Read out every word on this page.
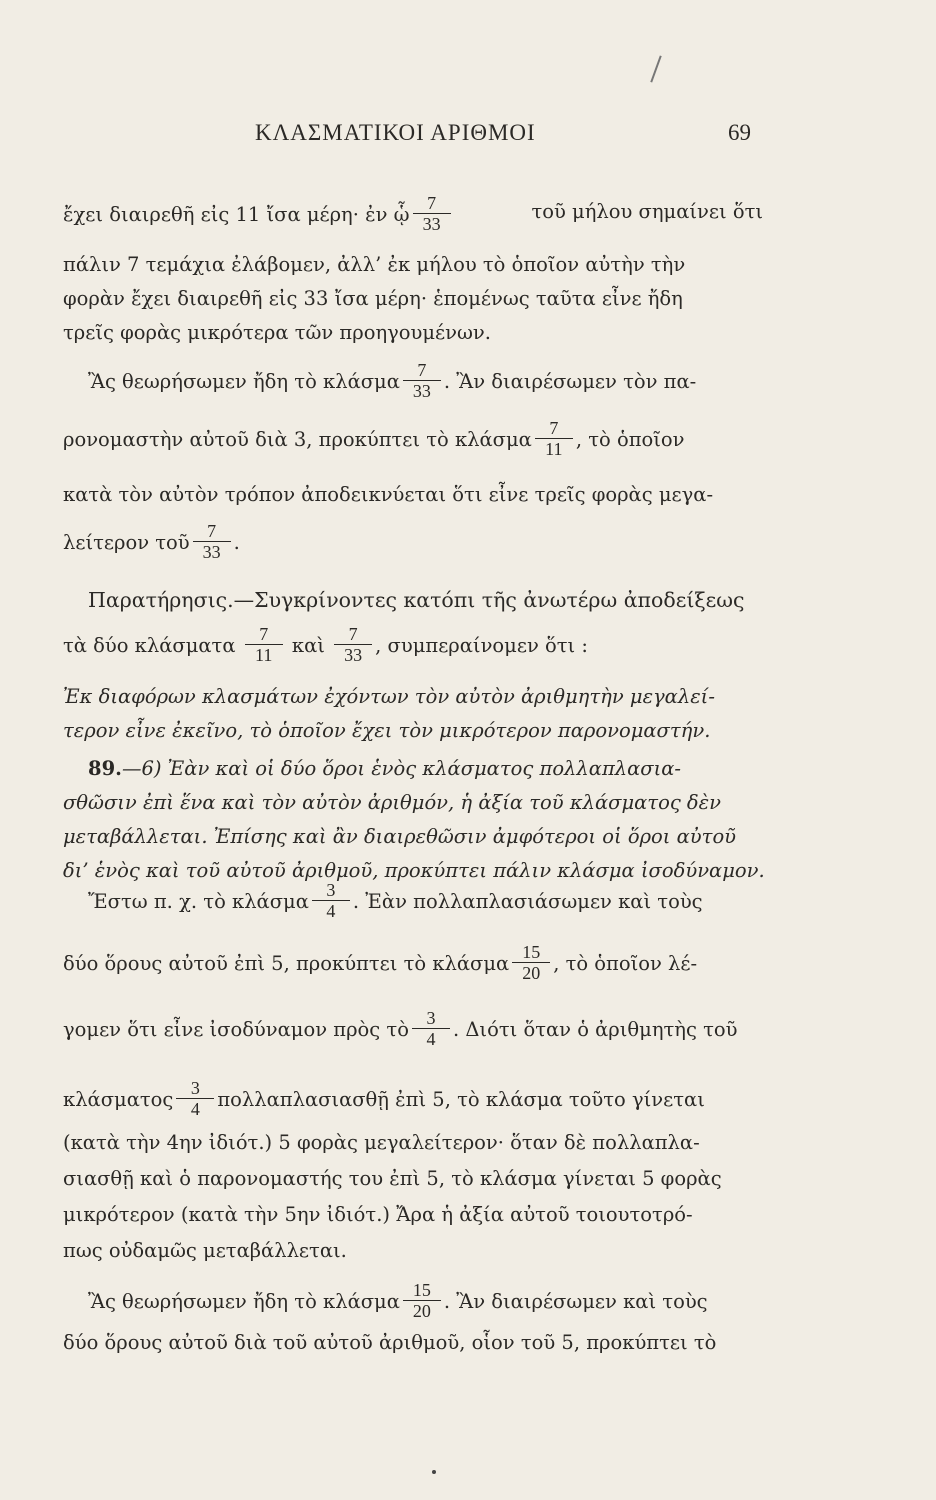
ΚΛΑΣΜΑΤΙΚΟΙ ΑΡΙΘΜΟΙ	69
ἔχει διαιρεθῆ εἰς 11 ἴσα μέρη· ἐν ᾧ $\frac{7}{33}$	τοῦ μήλου σημαίνει ὅτι
πάλιν 7 τεμάχια ἐλάβομεν, ἀλλ’ ἐκ μήλου τὸ ὁποῖον αὐτὴν τὴν
φορὰν ἔχει διαιρεθῆ εἰς 33 ἴσα μέρη· ἑπομένως ταῦτα εἶνε ἤδη
τρεῖς φορὰς μικρότερα τῶν προηγουμένων.
Ἂς θεωρήσωμεν ἤδη τὸ κλάσμα $\frac{7}{33}$ . Ἂν διαιρέσωμεν τὸν πα-
ρονομαστὴν αὐτοῦ διὰ 3, προκύπτει τὸ κλάσμα $\frac{7}{11}$ , τὸ ὁποῖον
κατὰ τὸν αὐτὸν τρόπον ἀποδεικνύεται ὅτι εἶνε τρεῖς φορὰς μεγα-
λείτερον τοῦ $\frac{7}{33}$ .
Παρατήρησις.—Συγκρίνοντες κατόπι τῆς ἀνωτέρω ἀποδείξεως
τὰ δύο κλάσματα $\frac{7}{11}$ καὶ $\frac{7}{33}$ , συμπεραίνομεν ὅτι :
Ἐκ διαφόρων κλασμάτων ἐχόντων τὸν αὐτὸν ἀριθμητὴν μεγαλεί-
τερον εἶνε ἐκεῖνο, τὸ ὁποῖον ἔχει τὸν μικρότερον παρονομαστήν.
89.—6) Ἐὰν καὶ οἱ δύο ὅροι ἑνὸς κλάσματος πολλαπλασια-
σθῶσιν ἐπὶ ἕνα καὶ τὸν αὐτὸν ἀριθμόν, ἡ ἀξία τοῦ κλάσματος δὲν
μεταβάλλεται. Ἐπίσης καὶ ἂν διαιρεθῶσιν ἀμφότεροι οἱ ὅροι αὐτοῦ
δι’ ἑνὸς καὶ τοῦ αὐτοῦ ἀριθμοῦ, προκύπτει πάλιν κλάσμα ἰσοδύναμον.
Ἔστω π. χ. τὸ κλάσμα $\frac{3}{4}$ . Ἐὰν πολλαπλασιάσωμεν καὶ τοὺς
δύο ὅρους αὐτοῦ ἐπὶ 5, προκύπτει τὸ κλάσμα $\frac{15}{20}$ , τὸ ὁποῖον λέ-
γομεν ὅτι εἶνε ἰσοδύναμον πρὸς τὸ $\frac{3}{4}$ . Διότι ὅταν ὁ ἀριθμητὴς τοῦ
κλάσματος $\frac{3}{4}$ πολλαπλασιασθῇ ἐπὶ 5, τὸ κλάσμα τοῦτο γίνεται
(κατὰ τὴν 4ην ἰδιότ.) 5 φορὰς μεγαλείτερον· ὅταν δὲ πολλαπλα-
σιασθῇ καὶ ὁ παρονομαστής του ἐπὶ 5, τὸ κλάσμα γίνεται 5 φορὰς
μικρότερον (κατὰ τὴν 5ην ἰδιότ.) Ἄρα ἡ ἀξία αὐτοῦ τοιουτοτρό-
πως οὐδαμῶς μεταβάλλεται.
Ἂς θεωρήσωμεν ἤδη τὸ κλάσμα $\frac{15}{20}$ . Ἂν διαιρέσωμεν καὶ τοὺς
δύο ὅρους αὐτοῦ διὰ τοῦ αὐτοῦ ἀριθμοῦ, οἷον τοῦ 5, προκύπτει τὸ
